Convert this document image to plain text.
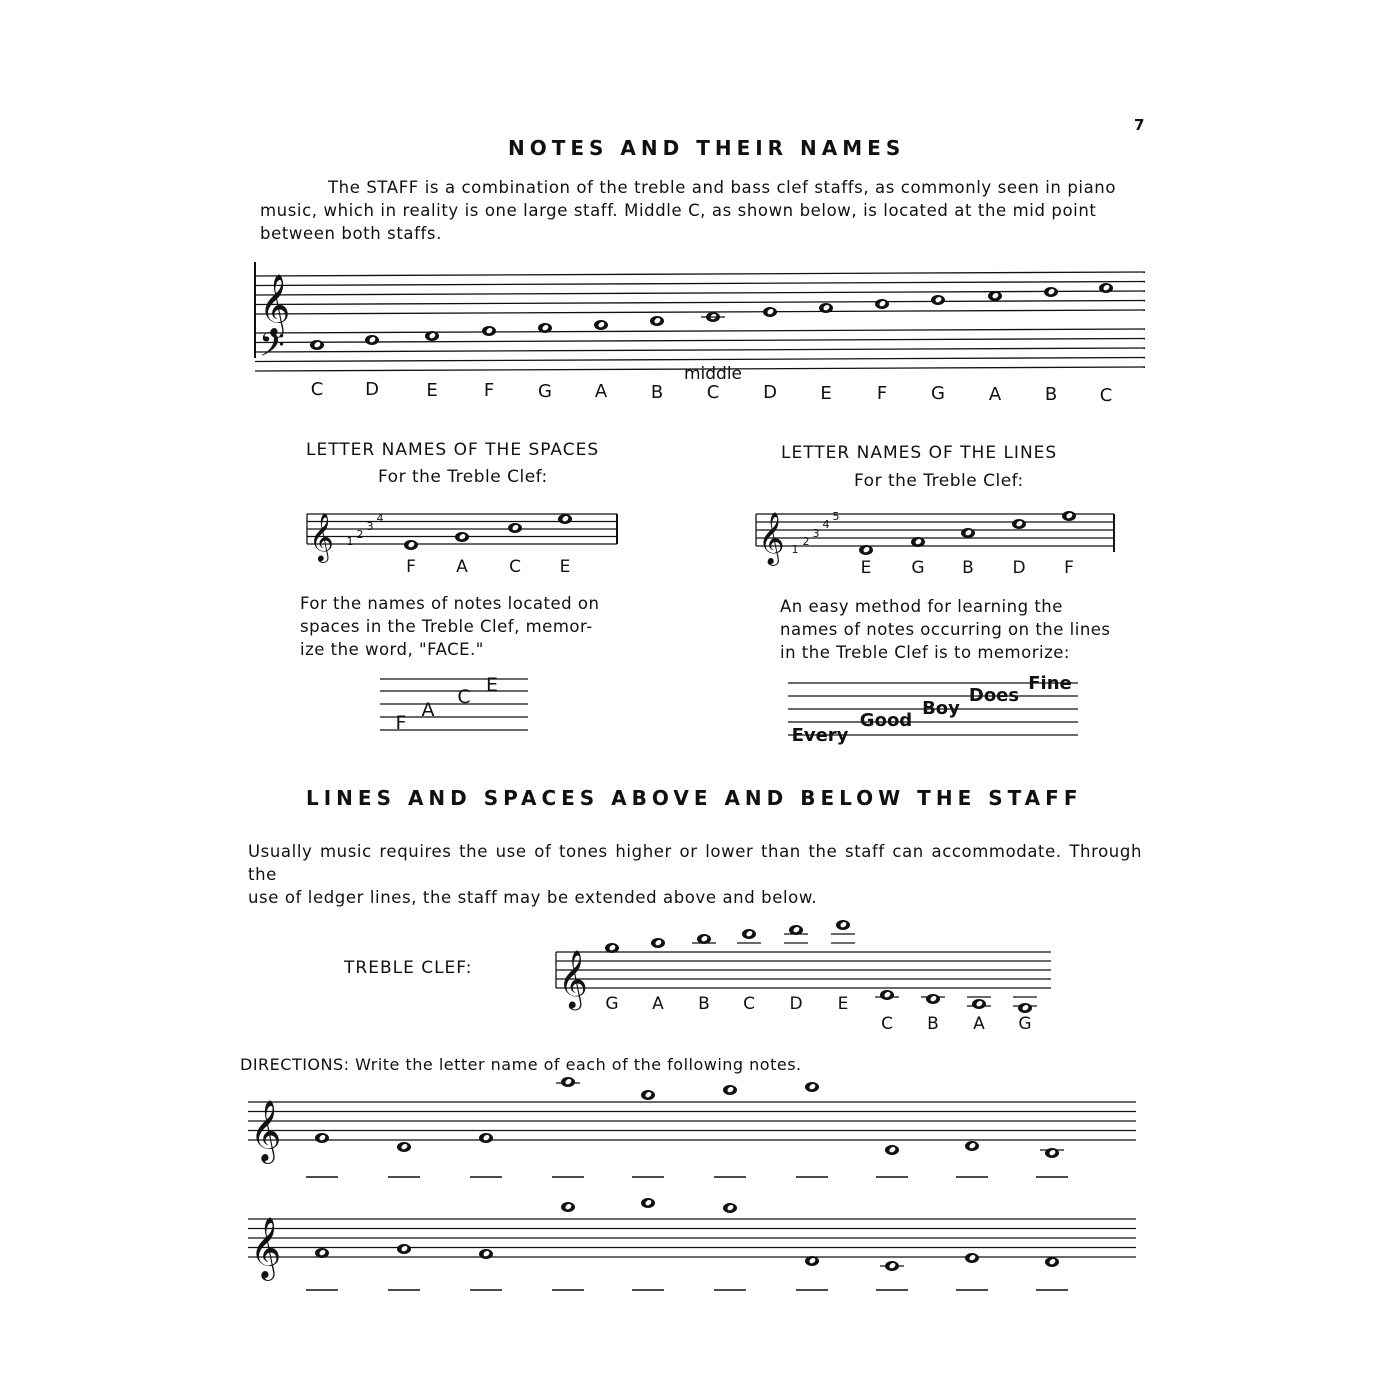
7
NOTES AND THEIR NAMES
The STAFF is a combination of the treble and bass clef staffs, as commonly seen in piano
music, which in reality is one large staff. Middle C, as shown below, is located at the mid point
between both staffs.
LETTER NAMES OF THE SPACES
For the Treble Clef:
LETTER NAMES OF THE LINES
For the Treble Clef:
For the names of notes located on
spaces in the Treble Clef, memor-
ize the word, "FACE."
An easy method for learning the
names of notes occurring on the lines
in the Treble Clef is to memorize:
LINES AND SPACES ABOVE AND BELOW THE STAFF
Usually music requires the use of tones higher or lower than the staff can accommodate. Through the
use of ledger lines, the staff may be extended above and below.
TREBLE CLEF:
DIRECTIONS: Write the letter name of each of the following notes.
𝄞
𝄢
C D	E	F G A B C D E	F G A B C
middle
𝄞 1
2
3
4
F A C E
𝄞 1
2
3
4
5
E G B D F
F
A
C
E
Every
Good
Boy
Does
Fine
𝄞 G A B C D E
C B A G
𝄞
𝄞
